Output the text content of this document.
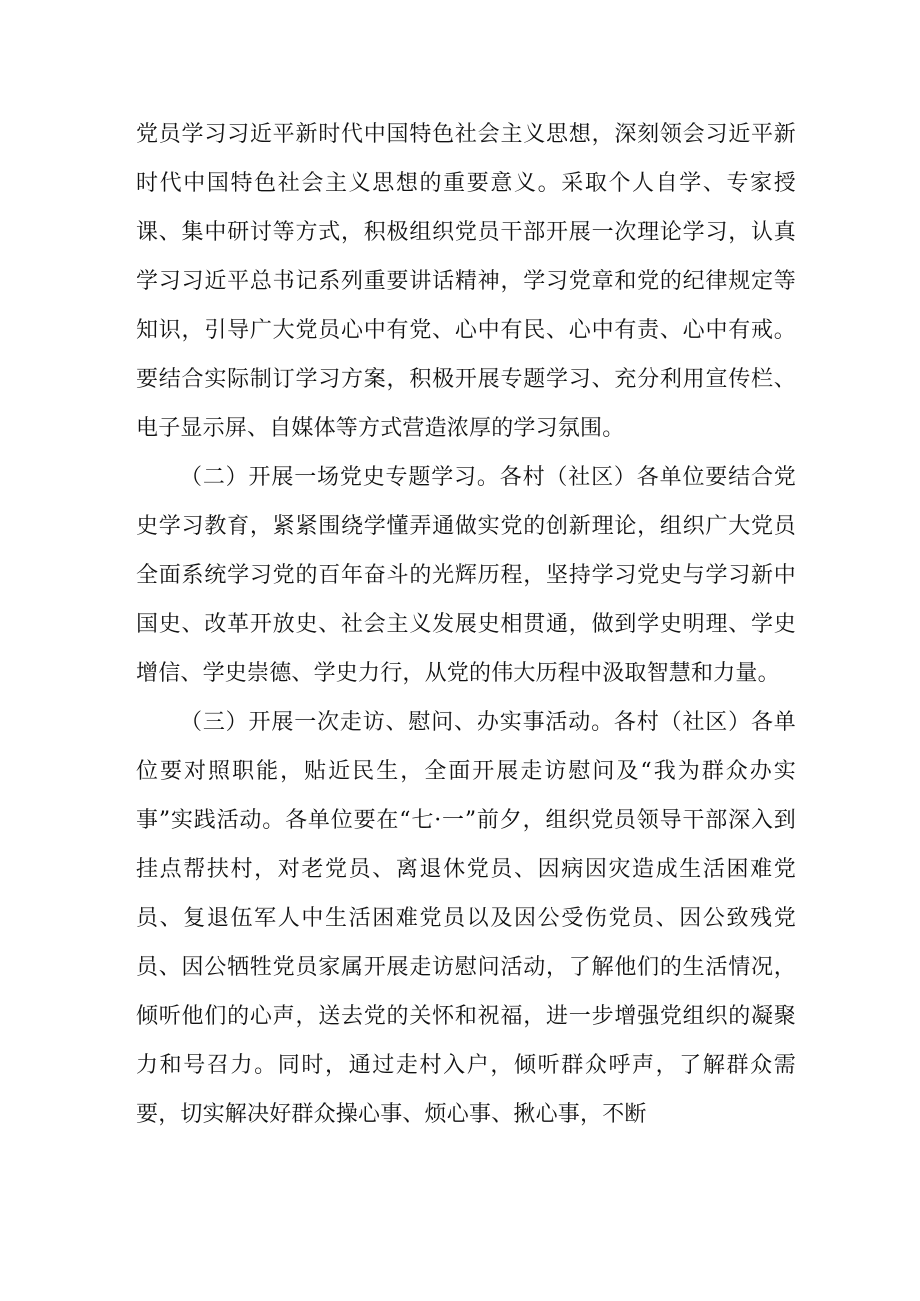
党员学习习近平新时代中国特色社会主义思想，深刻领会习近平新时代中国特色社会主义思想的重要意义。采取个人自学、专家授课、集中研讨等方式，积极组织党员干部开展一次理论学习，认真学习习近平总书记系列重要讲话精神，学习党章和党的纪律规定等知识，引导广大党员心中有党、心中有民、心中有责、心中有戒。要结合实际制订学习方案，积极开展专题学习、充分利用宣传栏、电子显示屏、自媒体等方式营造浓厚的学习氛围。

（二）开展一场党史专题学习。各村（社区）各单位要结合党史学习教育，紧紧围绕学懂弄通做实党的创新理论，组织广大党员全面系统学习党的百年奋斗的光辉历程，坚持学习党史与学习新中国史、改革开放史、社会主义发展史相贯通，做到学史明理、学史增信、学史崇德、学史力行，从党的伟大历程中汲取智慧和力量。

（三）开展一次走访、慰问、办实事活动。各村（社区）各单位要对照职能，贴近民生，全面开展走访慰问及“我为群众办实事”实践活动。各单位要在“七·一”前夕，组织党员领导干部深入到挂点帮扶村，对老党员、离退休党员、因病因灾造成生活困难党员、复退伍军人中生活困难党员以及因公受伤党员、因公致残党员、因公牺牲党员家属开展走访慰问活动，了解他们的生活情况，倾听他们的心声，送去党的关怀和祝福，进一步增强党组织的凝聚力和号召力。同时，通过走村入户，倾听群众呼声，了解群众需要，切实解决好群众操心事、烦心事、揪心事，不断
